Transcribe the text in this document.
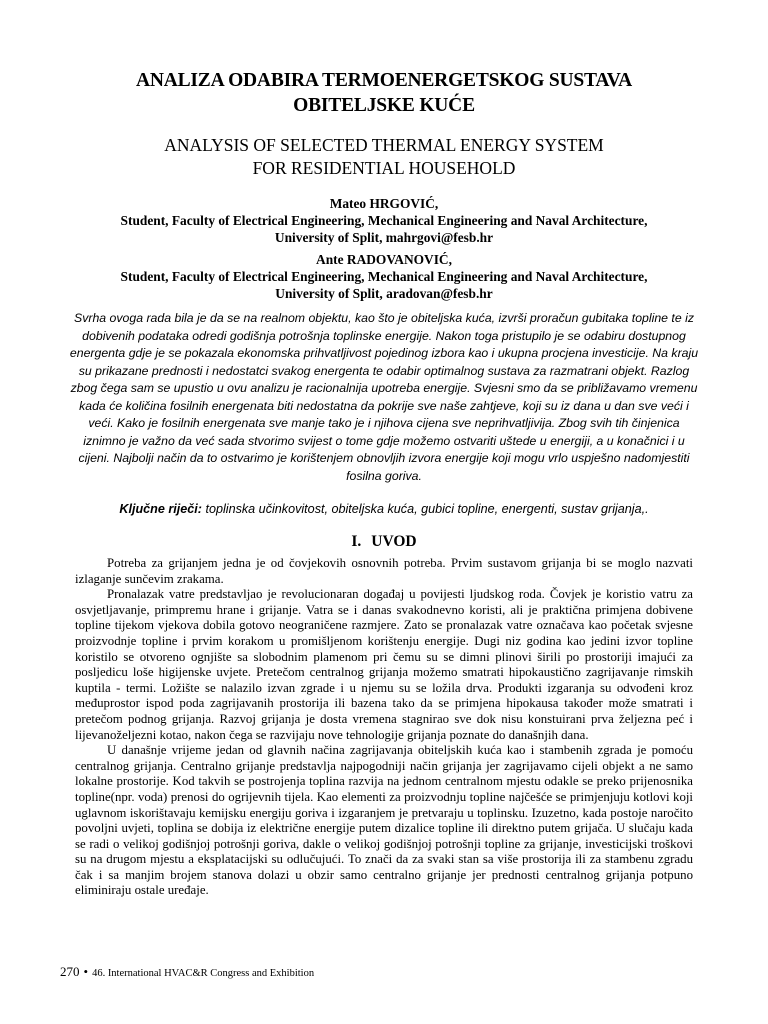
ANALIZA ODABIRA TERMOENERGETSKOG SUSTAVA
OBITELJSKE KUĆE
ANALYSIS OF SELECTED THERMAL ENERGY SYSTEM
FOR RESIDENTIAL HOUSEHOLD
Mateo HRGOVIĆ,
Student, Faculty of Electrical Engineering, Mechanical Engineering and Naval Architecture,
University of Split, mahrgovi@fesb.hr
Ante RADOVANOVIĆ,
Student, Faculty of Electrical Engineering, Mechanical Engineering and Naval Architecture,
University of Split, aradovan@fesb.hr
Svrha ovoga rada bila je da se na realnom objektu, kao što je obiteljska kuća, izvrši proračun gubitaka topline te iz dobivenih podataka odredi godišnja potrošnja toplinske energije. Nakon toga pristupilo je se odabiru dostupnog energenta gdje je se pokazala ekonomska prihvatljivost pojedinog izbora kao i ukupna procjena investicije. Na kraju su prikazane prednosti i nedostatci svakog energenta te odabir optimalnog sustava za razmatrani objekt. Razlog zbog čega sam se upustio u ovu analizu je racionalnija upotreba energije. Svjesni smo da se približavamo vremenu kada će količina fosilnih energenata biti nedostatna da pokrije sve naše zahtjeve, koji su iz dana u dan sve veći i veći. Kako je fosilnih energenata sve manje tako je i njihova cijena sve neprihvatljivija. Zbog svih tih činjenica iznimno je važno da već sada stvorimo svijest o tome gdje možemo ostvariti uštede u energiji, a u konačnici i u cijeni. Najbolji način da to ostvarimo je korištenjem obnovljih izvora energije koji mogu vrlo uspješno nadomjestiti fosilna goriva.
Ključne riječi: toplinska učinkovitost, obiteljska kuća, gubici topline, energenti, sustav grijanja,.
I. UVOD

Potreba za grijanjem jedna je od čovjekovih osnovnih potreba. Prvim sustavom grijanja bi se moglo nazvati izlaganje sunčevim zrakama.

Pronalazak vatre predstavljao je revolucionaran događaj u povijesti ljudskog roda. Čovjek je koristio vatru za osvjetljavanje, primpremu hrane i grijanje. Vatra se i danas svakodnevno koristi, ali je praktična primjena dobivene topline tijekom vjekova dobila gotovo neograničene razmjere. Zato se pronalazak vatre označava kao početak svjesne proizvodnje topline i prvim korakom u promišljenom korištenju energije. Dugi niz godina kao jedini izvor topline koristilo se otvoreno ognjište sa slobodnim plamenom pri čemu su se dimni plinovi širili po prostoriji imajući za posljedicu loše higijenske uvjete. Pretečom centralnog grijanja možemo smatrati hipokaustično zagrijavanje rimskih kuptila - termi. Ložište se nalazilo izvan zgrade i u njemu su se ložila drva. Produkti izgaranja su odvođeni kroz međuprostor ispod poda zagrijavanih prostorija ili bazena tako da se primjena hipokausa također može smatrati i pretečom podnog grijanja. Razvoj grijanja je dosta vremena stagnirao sve dok nisu konstuirani prva željezna peć i lijevanoželjezni kotao, nakon čega se razvijaju nove tehnologije grijanja poznate do današnjih dana.

U današnje vrijeme jedan od glavnih načina zagrijavanja obiteljskih kuća kao i stambenih zgrada je pomoću centralnog grijanja. Centralno grijanje predstavlja najpogodniji način grijanja jer zagrijavamo cijeli objekt a ne samo lokalne prostorije. Kod takvih se postrojenja toplina razvija na jednom centralnom mjestu odakle se preko prijenosnika topline(npr. voda) prenosi do ogrijevnih tijela. Kao elementi za proizvodnju topline najčešće se primjenjuju kotlovi koji uglavnom iskorištavaju kemijsku energiju goriva i izgaranjem je pretvaraju u toplinsku. Izuzetno, kada postoje naročito povoljni uvjeti, toplina se dobija iz električne energije putem dizalice topline ili direktno putem grijača. U slučaju kada se radi o velikoj godišnjoj potrošnji goriva, dakle o velikoj godišnjoj potrošnji topline za grijanje, investicijski troškovi su na drugom mjestu a eksplatacijski su odlučujući. To znači da za svaki stan sa više prostorija ili za stambenu zgradu čak i sa manjim brojem stanova dolazi u obzir samo centralno grijanje jer prednosti centralnog grijanja potpuno eliminiraju ostale uređaje.

270 • 46. International HVAC&R Congress and Exhibition
